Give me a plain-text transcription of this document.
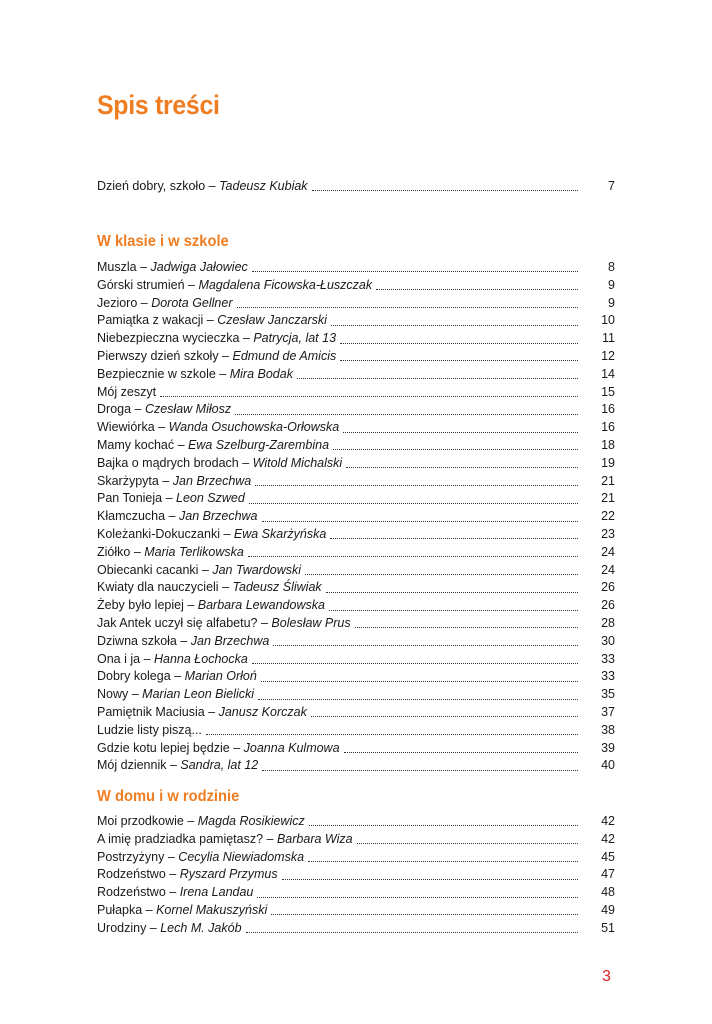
Spis treści
Dzień dobry, szkoło – Tadeusz Kubiak	7
W klasie i w szkole
Muszla – Jadwiga Jałowiec	8
Górski strumień – Magdalena Ficowska-Łuszczak	9
Jezioro – Dorota Gellner	9
Pamiątka z wakacji – Czesław Janczarski	10
Niebezpieczna wycieczka – Patrycja, lat 13	11
Pierwszy dzień szkoły – Edmund de Amicis	12
Bezpiecznie w szkole – Mira Bodak	14
Mój zeszyt	15
Droga – Czesław Miłosz	16
Wiewiórka – Wanda Osuchowska-Orłowska	16
Mamy kochać – Ewa Szelburg-Zarembina	18
Bajka o mądrych brodach – Witold Michalski	19
Skarżypyta – Jan Brzechwa	21
Pan Tonieja – Leon Szwed	21
Kłamczucha – Jan Brzechwa	22
Koleżanki-Dokuczanki – Ewa Skarżyńska	23
Ziółko – Maria Terlikowska	24
Obiecanki cacanki – Jan Twardowski	24
Kwiaty dla nauczycieli – Tadeusz Śliwiak	26
Żeby było lepiej – Barbara Lewandowska	26
Jak Antek uczył się alfabetu? – Bolesław Prus	28
Dziwna szkoła – Jan Brzechwa	30
Ona i ja – Hanna Łochocka	33
Dobry kolega – Marian Orłoń	33
Nowy – Marian Leon Bielicki	35
Pamiętnik Maciusia – Janusz Korczak	37
Ludzie listy piszą...	38
Gdzie kotu lepiej będzie – Joanna Kulmowa	39
Mój dziennik – Sandra, lat 12	40
W domu i w rodzinie
Moi przodkowie – Magda Rosikiewicz	42
A imię pradziadka pamiętasz? – Barbara Wiza	42
Postrzyżyny – Cecylia Niewiadomska	45
Rodzeństwo – Ryszard Przymus	47
Rodzeństwo – Irena Landau	48
Pułapka – Kornel Makuszyński	49
Urodziny – Lech M. Jakób	51
3
